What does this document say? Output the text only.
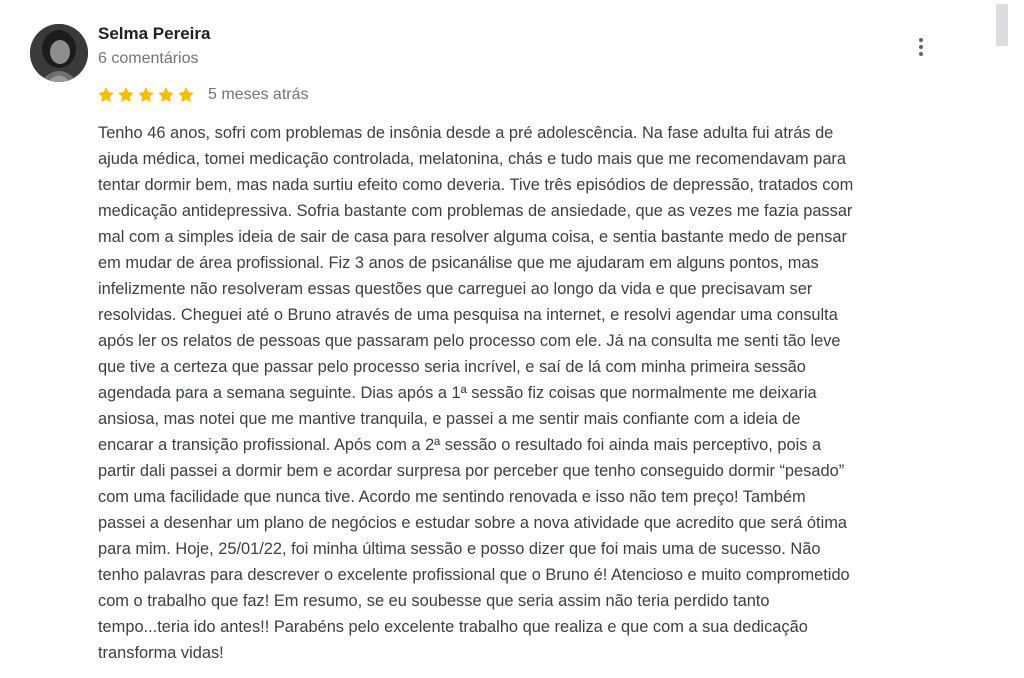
Selma Pereira
6 comentários
5 meses atrás
Tenho 46 anos, sofri com problemas de insônia desde a pré adolescência. Na fase adulta fui atrás de
ajuda médica, tomei medicação controlada, melatonina, chás e tudo mais que me recomendavam para
tentar dormir bem, mas nada surtiu efeito como deveria. Tive três episódios de depressão, tratados com
medicação antidepressiva. Sofria bastante com problemas de ansiedade, que as vezes me fazia passar
mal com a simples ideia de sair de casa para resolver alguma coisa, e sentia bastante medo de pensar
em mudar de área profissional. Fiz 3 anos de psicanálise que me ajudaram em alguns pontos, mas
infelizmente não resolveram essas questões que carreguei ao longo da vida e que precisavam ser
resolvidas. Cheguei até o Bruno através de uma pesquisa na internet, e resolvi agendar uma consulta
após ler os relatos de pessoas que passaram pelo processo com ele. Já na consulta me senti tão leve
que tive a certeza que passar pelo processo seria incrível, e saí de lá com minha primeira sessão
agendada para a semana seguinte. Dias após a 1ª sessão fiz coisas que normalmente me deixaria
ansiosa, mas notei que me mantive tranquila, e passei a me sentir mais confiante com a ideia de
encarar a transição profissional. Após com a 2ª sessão o resultado foi ainda mais perceptivo, pois a
partir dali passei a dormir bem e acordar surpresa por perceber que tenho conseguido dormir “pesado”
com uma facilidade que nunca tive. Acordo me sentindo renovada e isso não tem preço! Também
passei a desenhar um plano de negócios e estudar sobre a nova atividade que acredito que será ótima
para mim. Hoje, 25/01/22, foi minha última sessão e posso dizer que foi mais uma de sucesso. Não
tenho palavras para descrever o excelente profissional que o Bruno é! Atencioso e muito comprometido
com o trabalho que faz! Em resumo, se eu soubesse que seria assim não teria perdido tanto
tempo...teria ido antes!! Parabéns pelo excelente trabalho que realiza e que com a sua dedicação
transforma vidas!
